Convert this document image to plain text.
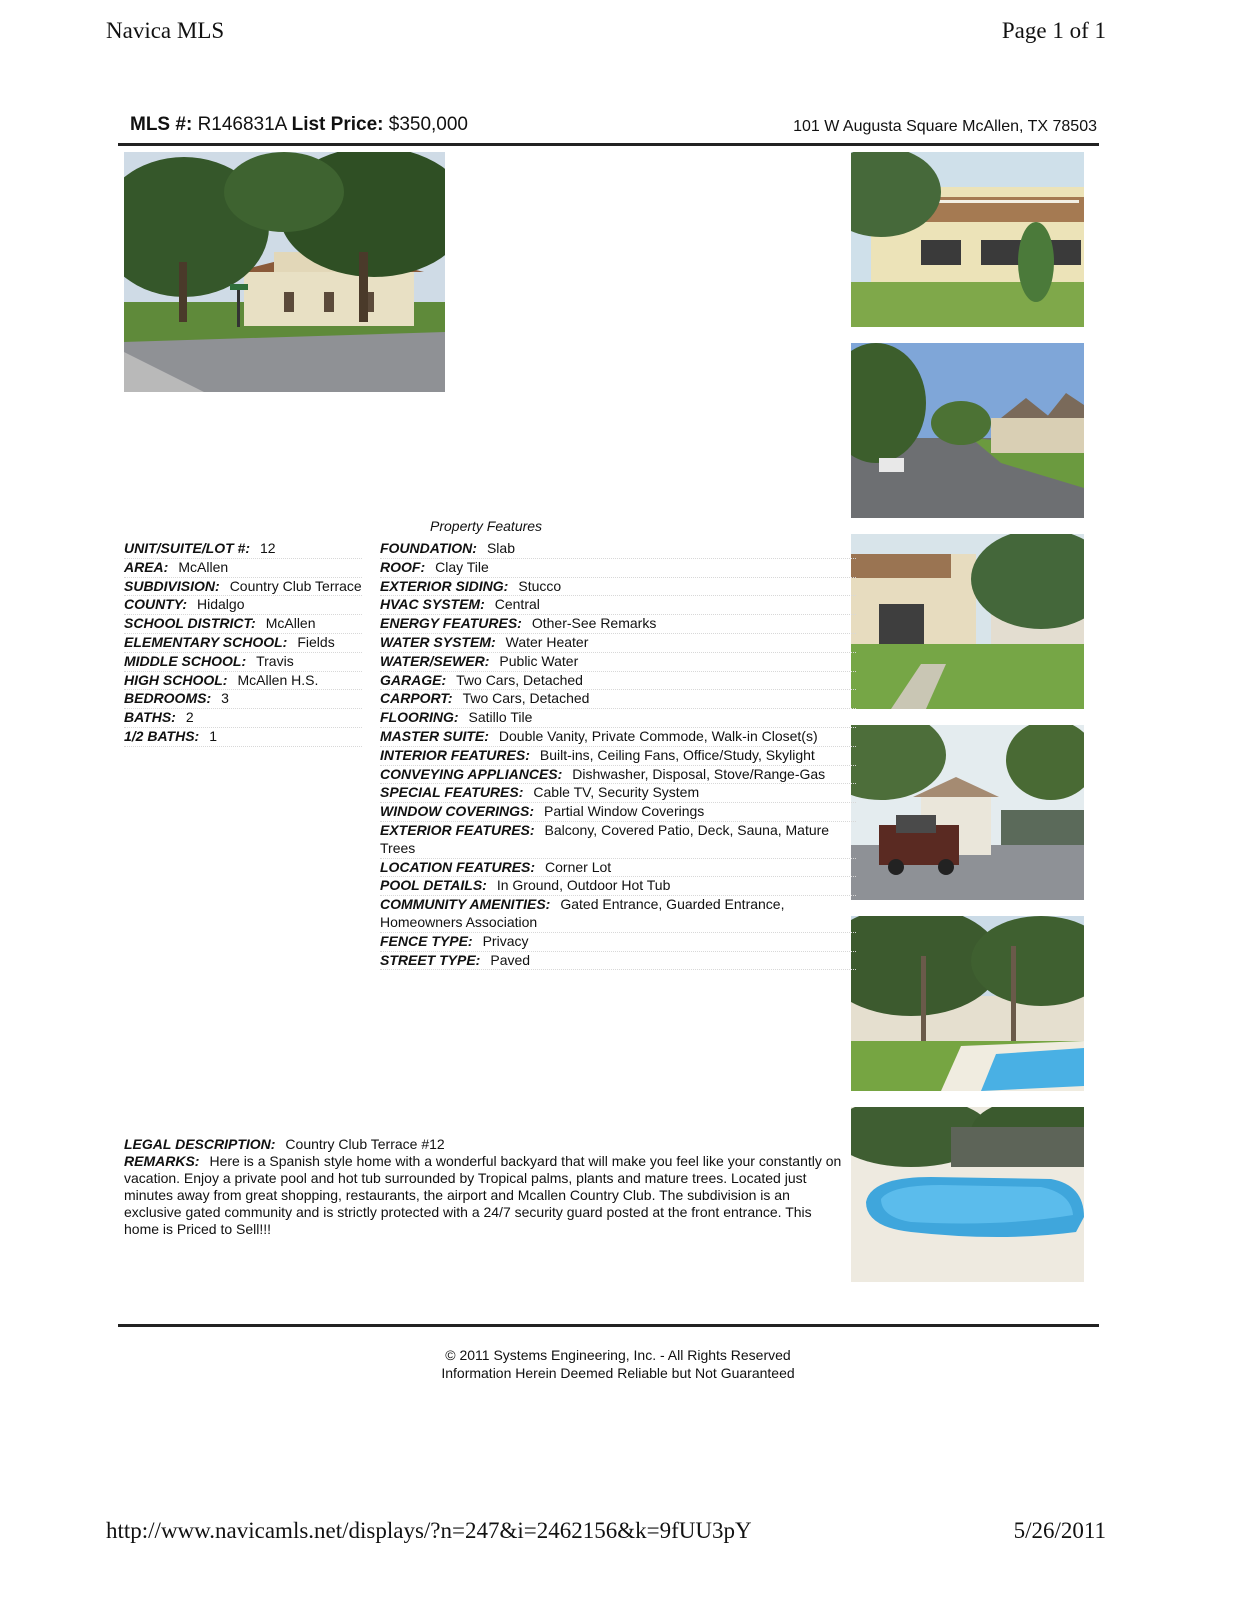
Navica MLS	Page 1 of 1
MLS #: R146831A List Price: $350,000	101 W Augusta Square McAllen, TX 78503
Property Features
UNIT/SUITE/LOT #: 12
AREA: McAllen
SUBDIVISION: Country Club Terrace
COUNTY: Hidalgo
SCHOOL DISTRICT: McAllen
ELEMENTARY SCHOOL: Fields
MIDDLE SCHOOL: Travis
HIGH SCHOOL: McAllen H.S.
BEDROOMS: 3
BATHS: 2
1/2 BATHS: 1
FOUNDATION: Slab
ROOF: Clay Tile
EXTERIOR SIDING: Stucco
HVAC SYSTEM: Central
ENERGY FEATURES: Other-See Remarks
WATER SYSTEM: Water Heater
WATER/SEWER: Public Water
GARAGE: Two Cars, Detached
CARPORT: Two Cars, Detached
FLOORING: Satillo Tile
MASTER SUITE: Double Vanity, Private Commode, Walk-in Closet(s)
INTERIOR FEATURES: Built-ins, Ceiling Fans, Office/Study, Skylight
CONVEYING APPLIANCES: Dishwasher, Disposal, Stove/Range-Gas
SPECIAL FEATURES: Cable TV, Security System
WINDOW COVERINGS: Partial Window Coverings
EXTERIOR FEATURES: Balcony, Covered Patio, Deck, Sauna, Mature Trees
LOCATION FEATURES: Corner Lot
POOL DETAILS: In Ground, Outdoor Hot Tub
COMMUNITY AMENITIES: Gated Entrance, Guarded Entrance, Homeowners Association
FENCE TYPE: Privacy
STREET TYPE: Paved
LEGAL DESCRIPTION: Country Club Terrace #12
REMARKS: Here is a Spanish style home with a wonderful backyard that will make you feel like your constantly on vacation. Enjoy a private pool and hot tub surrounded by Tropical palms, plants and mature trees. Located just minutes away from great shopping, restaurants, the airport and Mcallen Country Club. The subdivision is an exclusive gated community and is strictly protected with a 24/7 security guard posted at the front entrance. This home is Priced to Sell!!!
© 2011 Systems Engineering, Inc. - All Rights Reserved
Information Herein Deemed Reliable but Not Guaranteed
http://www.navicamls.net/displays/?n=247&i=2462156&k=9fUU3pY	5/26/2011
